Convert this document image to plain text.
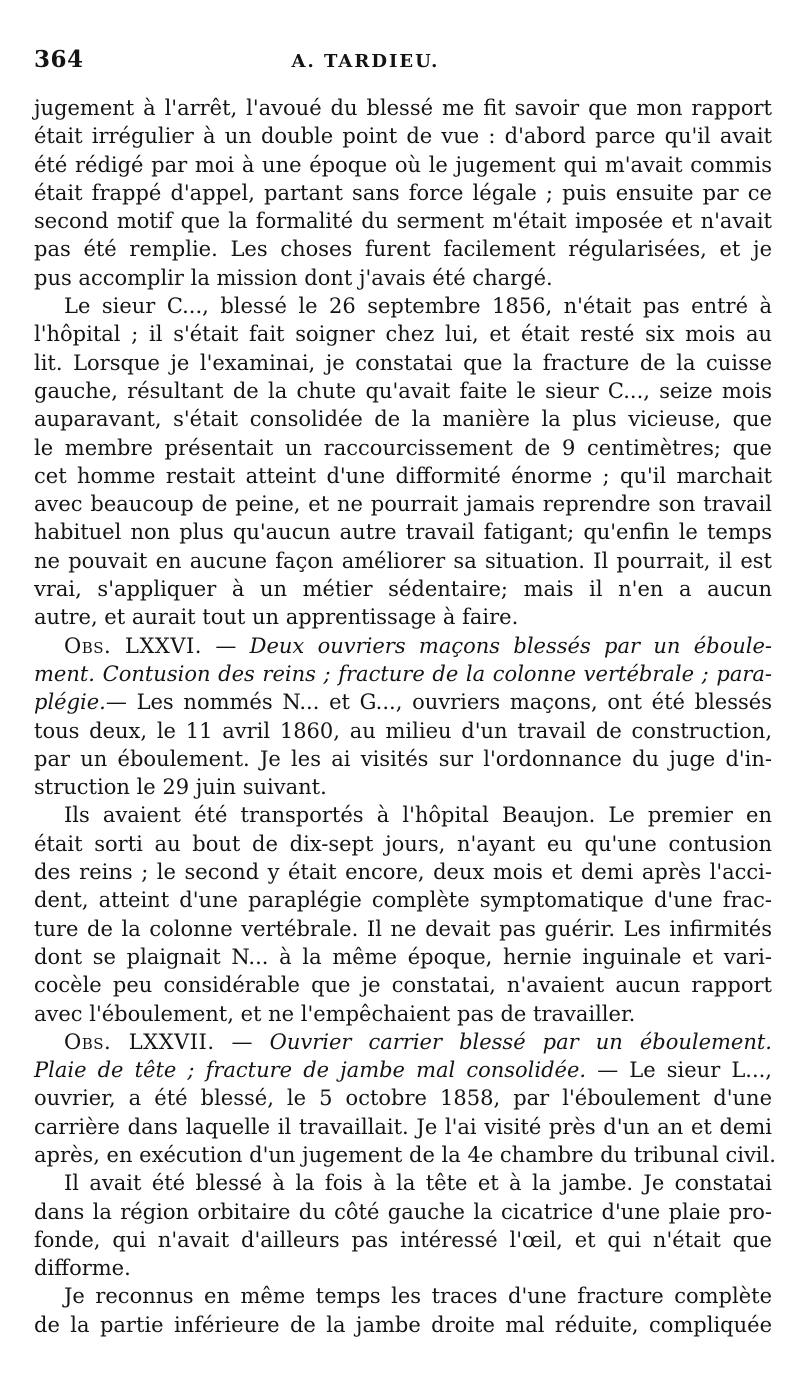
364	A. TARDIEU.
jugement à l'arrêt, l'avoué du blessé me fit savoir que mon rapport
était irrégulier à un double point de vue : d'abord parce qu'il avait
été rédigé par moi à une époque où le jugement qui m'avait commis
était frappé d'appel, partant sans force légale ; puis ensuite par ce
second motif que la formalité du serment m'était imposée et n'avait
pas été remplie. Les choses furent facilement régularisées, et je
pus accomplir la mission dont j'avais été chargé.
Le sieur C..., blessé le 26 septembre 1856, n'était pas entré à
l'hôpital ; il s'était fait soigner chez lui, et était resté six mois au
lit. Lorsque je l'examinai, je constatai que la fracture de la cuisse
gauche, résultant de la chute qu'avait faite le sieur C..., seize mois
auparavant, s'était consolidée de la manière la plus vicieuse, que
le membre présentait un raccourcissement de 9 centimètres; que
cet homme restait atteint d'une difformité énorme ; qu'il marchait
avec beaucoup de peine, et ne pourrait jamais reprendre son travail
habituel non plus qu'aucun autre travail fatigant; qu'enfin le temps
ne pouvait en aucune façon améliorer sa situation. Il pourrait, il est
vrai, s'appliquer à un métier sédentaire; mais il n'en a aucun
autre, et aurait tout un apprentissage à faire.
Obs. LXXVI. — Deux ouvriers maçons blessés par un éboule-
ment. Contusion des reins ; fracture de la colonne vertébrale ; para-
plégie.— Les nommés N... et G..., ouvriers maçons, ont été blessés
tous deux, le 11 avril 1860, au milieu d'un travail de construction,
par un éboulement. Je les ai visités sur l'ordonnance du juge d'in-
struction le 29 juin suivant.
Ils avaient été transportés à l'hôpital Beaujon. Le premier en
était sorti au bout de dix-sept jours, n'ayant eu qu'une contusion
des reins ; le second y était encore, deux mois et demi après l'acci-
dent, atteint d'une paraplégie complète symptomatique d'une frac-
ture de la colonne vertébrale. Il ne devait pas guérir. Les infirmités
dont se plaignait N... à la même époque, hernie inguinale et vari-
cocèle peu considérable que je constatai, n'avaient aucun rapport
avec l'éboulement, et ne l'empêchaient pas de travailler.
Obs. LXXVII. — Ouvrier carrier blessé par un éboulement.
Plaie de tête ; fracture de jambe mal consolidée. — Le sieur L...,
ouvrier, a été blessé, le 5 octobre 1858, par l'éboulement d'une
carrière dans laquelle il travaillait. Je l'ai visité près d'un an et demi
après, en exécution d'un jugement de la 4e chambre du tribunal civil.
Il avait été blessé à la fois à la tête et à la jambe. Je constatai
dans la région orbitaire du côté gauche la cicatrice d'une plaie pro-
fonde, qui n'avait d'ailleurs pas intéressé l'œil, et qui n'était que
difforme.
Je reconnus en même temps les traces d'une fracture complète
de la partie inférieure de la jambe droite mal réduite, compliquée
